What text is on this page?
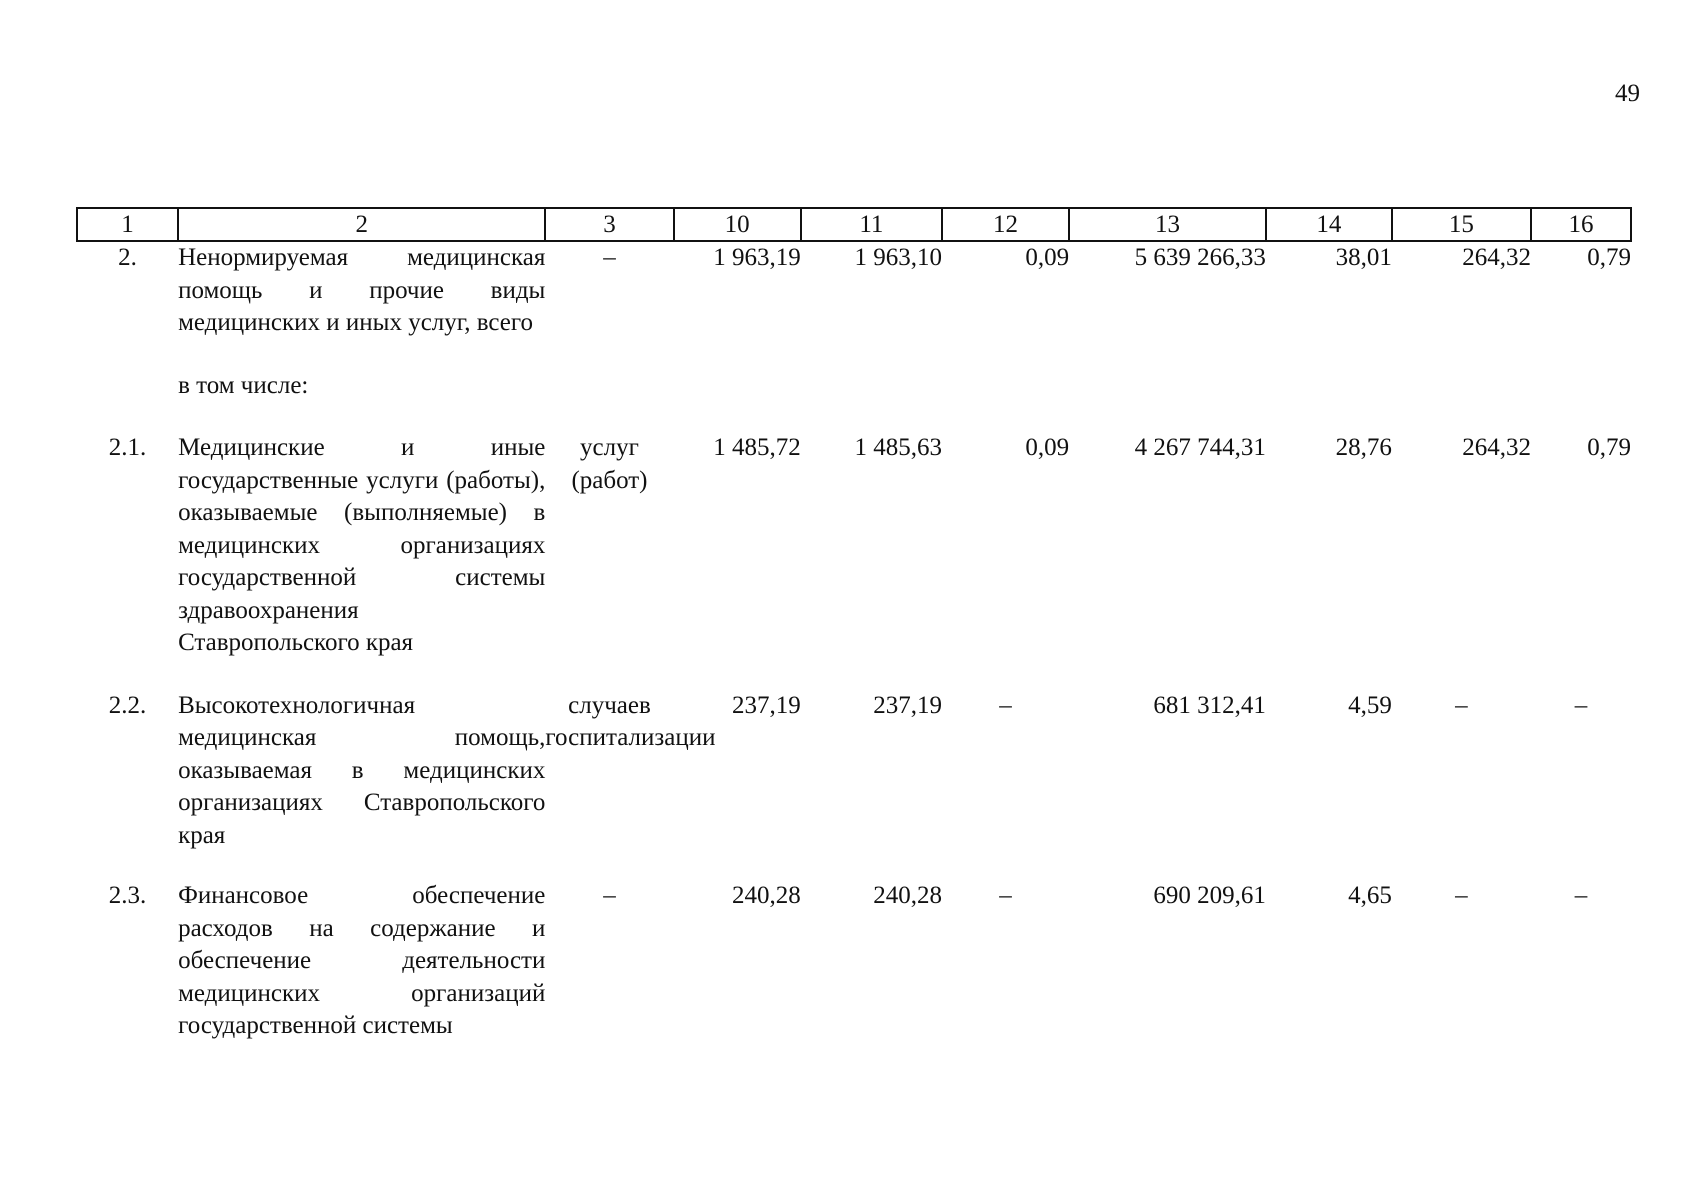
49
1	2	3	10	11	12	13	14	15	16
2.	Ненормируемая медицинская помощь и прочие виды медицинских и иных услуг, всего	–	1 963,19	1 963,10	0,09	5 639 266,33	38,01	264,32	0,79

	в том числе:								

2.1.	Медицинские и иные государственные услуги (работы), оказываемые (выполняемые) в медицинских организациях государственной системы здравоохранения Ставропольского края	услуг (работ)	1 485,72	1 485,63	0,09	4 267 744,31	28,76	264,32	0,79

2.2.	Высокотехнологичная медицинская помощь, оказываемая в медицинских организациях Ставропольского края	случаев госпитализации	237,19	237,19	–	681 312,41	4,59	–	–

2.3.	Финансовое обеспечение расходов на содержание и обеспечение деятельности медицинских организаций государственной системы	–	240,28	240,28	–	690 209,61	4,65	–	–
